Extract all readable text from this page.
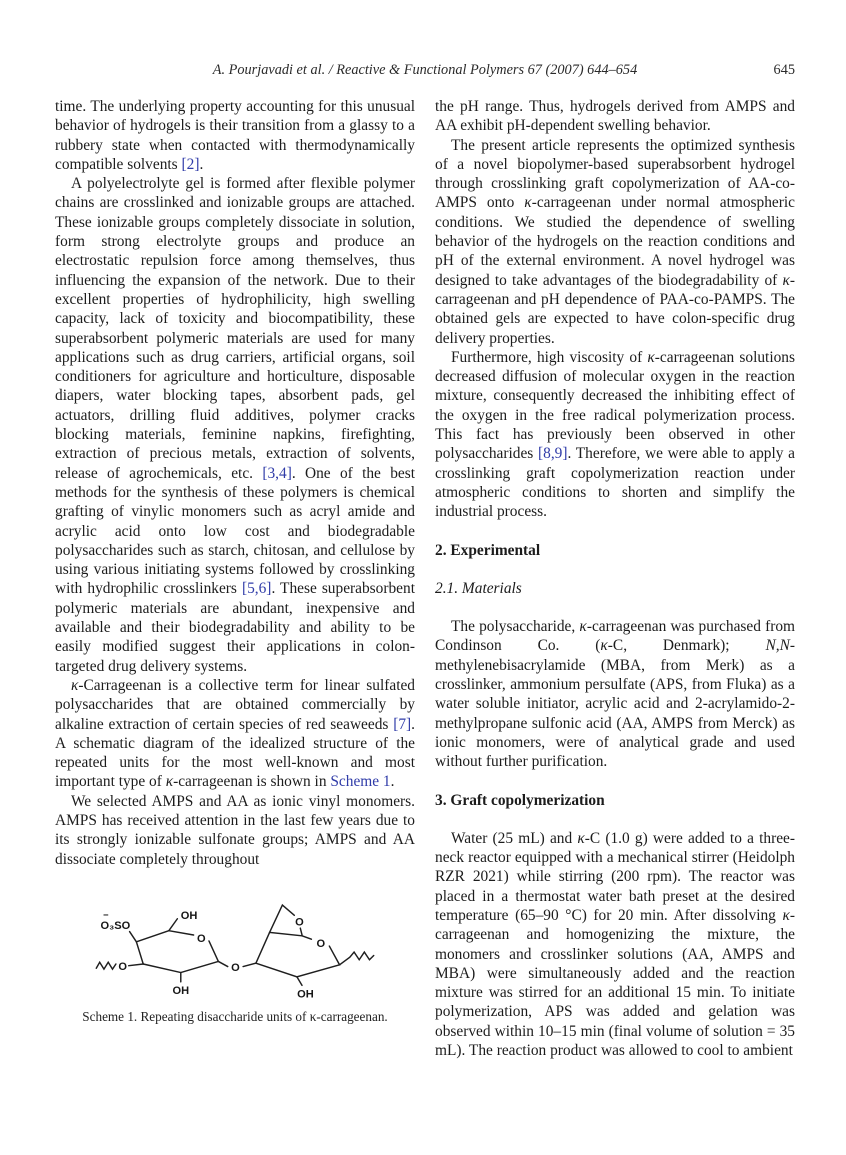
A. Pourjavadi et al. / Reactive & Functional Polymers 67 (2007) 644–654	645

time. The underlying property accounting for this unusual behavior of hydrogels is their transition from a glassy to a rubbery state when contacted with thermodynamically compatible solvents [2].

A polyelectrolyte gel is formed after flexible polymer chains are crosslinked and ionizable groups are attached. These ionizable groups completely dissociate in solution, form strong electrolyte groups and produce an electrostatic repulsion force among themselves, thus influencing the expansion of the network. Due to their excellent properties of hydrophilicity, high swelling capacity, lack of toxicity and biocompatibility, these superabsorbent polymeric materials are used for many applications such as drug carriers, artificial organs, soil conditioners for agriculture and horticulture, disposable diapers, water blocking tapes, absorbent pads, gel actuators, drilling fluid additives, polymer cracks blocking materials, feminine napkins, firefighting, extraction of precious metals, extraction of solvents, release of agrochemicals, etc. [3,4]. One of the best methods for the synthesis of these polymers is chemical grafting of vinylic monomers such as acryl amide and acrylic acid onto low cost and biodegradable polysaccharides such as starch, chitosan, and cellulose by using various initiating systems followed by crosslinking with hydrophilic crosslinkers [5,6]. These superabsorbent polymeric materials are abundant, inexpensive and available and their biodegradability and ability to be easily modified suggest their applications in colon-targeted drug delivery systems.

κ-Carrageenan is a collective term for linear sulfated polysaccharides that are obtained commercially by alkaline extraction of certain species of red seaweeds [7]. A schematic diagram of the idealized structure of the repeated units for the most well-known and most important type of κ-carrageenan is shown in Scheme 1.

We selected AMPS and AA as ionic vinyl monomers. AMPS has received attention in the last few years due to its strongly ionizable sulfonate groups; AMPS and AA dissociate completely throughout

−
O₃SO
OH
O
O
OH
O
O
O
OH
Scheme 1. Repeating disaccharide units of κ-carrageenan.

the pH range. Thus, hydrogels derived from AMPS and AA exhibit pH-dependent swelling behavior.

The present article represents the optimized synthesis of a novel biopolymer-based superabsorbent hydrogel through crosslinking graft copolymerization of AA-co-AMPS onto κ-carrageenan under normal atmospheric conditions. We studied the dependence of swelling behavior of the hydrogels on the reaction conditions and pH of the external environment. A novel hydrogel was designed to take advantages of the biodegradability of κ-carrageenan and pH dependence of PAA-co-PAMPS. The obtained gels are expected to have colon-specific drug delivery properties.

Furthermore, high viscosity of κ-carrageenan solutions decreased diffusion of molecular oxygen in the reaction mixture, consequently decreased the inhibiting effect of the oxygen in the free radical polymerization process. This fact has previously been observed in other polysaccharides [8,9]. Therefore, we were able to apply a crosslinking graft copolymerization reaction under atmospheric conditions to shorten and simplify the industrial process.

2. Experimental
2.1. Materials

The polysaccharide, κ-carrageenan was purchased from Condinson Co. (κ-C, Denmark); N,N-methylenebisacrylamide (MBA, from Merk) as a crosslinker, ammonium persulfate (APS, from Fluka) as a water soluble initiator, acrylic acid and 2-acrylamido-2-methylpropane sulfonic acid (AA, AMPS from Merck) as ionic monomers, were of analytical grade and used without further purification.

3. Graft copolymerization

Water (25 mL) and κ-C (1.0 g) were added to a three-neck reactor equipped with a mechanical stirrer (Heidolph RZR 2021) while stirring (200 rpm). The reactor was placed in a thermostat water bath preset at the desired temperature (65–90 °C) for 20 min. After dissolving κ-carrageenan and homogenizing the mixture, the monomers and crosslinker solutions (AA, AMPS and MBA) were simultaneously added and the reaction mixture was stirred for an additional 15 min. To initiate polymerization, APS was added and gelation was observed within 10–15 min (final volume of solution = 35 mL). The reaction product was allowed to cool to ambient
